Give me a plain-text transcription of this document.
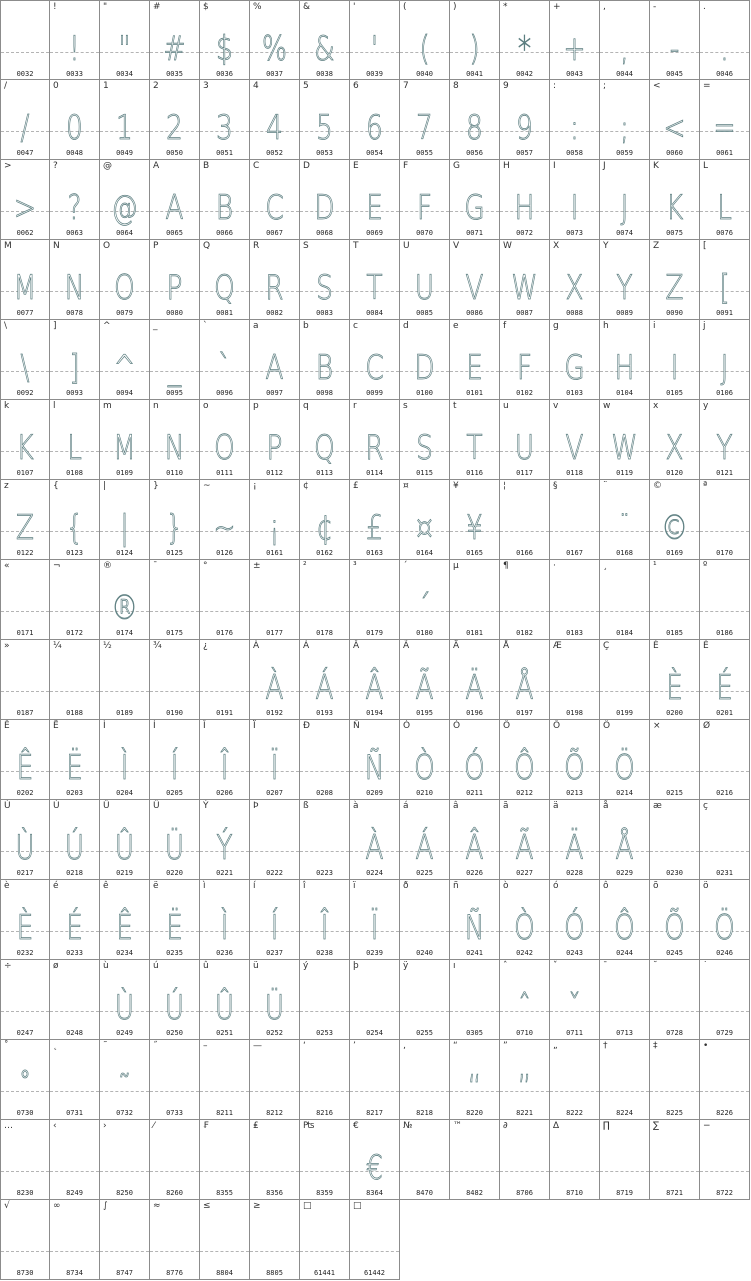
0032
!
!
0033
"
"
0034
#
#
0035
$
$
0036
%
%
0037
&
&
0038
'
'
0039
(
(
0040
)
)
0041
*
*
0042
+
+
0043
,
,
0044
-
-
0045
.
.
0046
/
/
0047
0
0
0048
1
1
0049
2
2
0050
3
3
0051
4
4
0052
5
5
0053
6
6
0054
7
7
0055
8
8
0056
9
9
0057
:
:
0058
;
;
0059
<
<
0060
=
=
0061
>
>
0062
?
?
0063
@
@
0064
A
A
0065
B
B
0066
C
C
0067
D
D
0068
E
E
0069
F
F
0070
G
G
0071
H
H
0072
I
I
0073
J
J
0074
K
K
0075
L
L
0076
M
M
0077
N
N
0078
O
O
0079
P
P
0080
Q
Q
0081
R
R
0082
S
S
0083
T
T
0084
U
U
0085
V
V
0086
W
W
0087
X
X
0088
Y
Y
0089
Z
Z
0090
[
[
0091
\
\
0092
]
]
0093
^
^
0094
_
_
0095
`
`
0096
a
A
0097
b
B
0098
c
C
0099
d
D
0100
e
E
0101
f
F
0102
g
G
0103
h
H
0104
i
I
0105
j
J
0106
k
K
0107
l
L
0108
m
M
0109
n
N
0110
o
O
0111
p
P
0112
q
Q
0113
r
R
0114
s
S
0115
t
T
0116
u
U
0117
v
V
0118
w
W
0119
x
X
0120
y
Y
0121
z
Z
0122
{
{
0123
|
|
0124
}
}
0125
~
~
0126
¡
¡
0161
¢
¢
0162
£
£
0163
¤
¤
0164
¥
¥
0165
¦
0166
§
0167
¨
¨
0168
©
©
0169
ª
0170
«
0171
¬
0172
®
®
0174
¯
0175
°
0176
±
0177
²
0178
³
0179
´
´
0180
µ
0181
¶
0182
·
0183
¸
0184
¹
0185
º
0186
»
0187
¼
0188
½
0189
¾
0190
¿
0191
À
À
0192
Á
Á
0193
Â
Â
0194
Ã
Ã
0195
Ä
Ä
0196
Å
Å
0197
Æ
0198
Ç
0199
È
È
0200
É
É
0201
Ê
Ê
0202
Ë
Ë
0203
Ì
Ì
0204
Í
Í
0205
Î
Î
0206
Ï
Ï
0207
Ð
0208
Ñ
Ñ
0209
Ò
Ò
0210
Ó
Ó
0211
Ô
Ô
0212
Õ
Õ
0213
Ö
Ö
0214
×
0215
Ø
0216
Ù
Ù
0217
Ú
Ú
0218
Û
Û
0219
Ü
Ü
0220
Ý
Ý
0221
Þ
0222
ß
0223
à
À
0224
á
Á
0225
â
Â
0226
ã
Ã
0227
ä
Ä
0228
å
Å
0229
æ
0230
ç
0231
è
È
0232
é
É
0233
ê
Ê
0234
ë
Ë
0235
ì
Ì
0236
í
Í
0237
î
Î
0238
ï
Ï
0239
ð
0240
ñ
Ñ
0241
ò
Ò
0242
ó
Ó
0243
ô
Ô
0244
õ
Õ
0245
ö
Ö
0246
÷
0247
ø
0248
ù
Ù
0249
ú
Ú
0250
û
Û
0251
ü
Ü
0252
ý
0253
þ
0254
ÿ
0255
ı
0305
ˆ
ˆ
0710
ˇ
ˇ
0711
ˉ
0713
˘
0728
˙
0729
˚
˚
0730
˛
0731
˜
˜
0732
˝
0733
–
8211
—
8212
‘
8216
’
8217
‚
8218
“
“
8220
”
”
8221
„
8222
†
8224
‡
8225
•
8226
…
8230
‹
8249
›
8250
⁄
8260
₣
8355
₤
8356
₧
8359
€
€
8364
№
8470
™
8482
∂
8706
∆
8710
∏
8719
∑
8721
−
8722
√
8730
∞
8734
∫
8747
≈
8776
≤
8804
≥
8805
□
61441
□
61442
